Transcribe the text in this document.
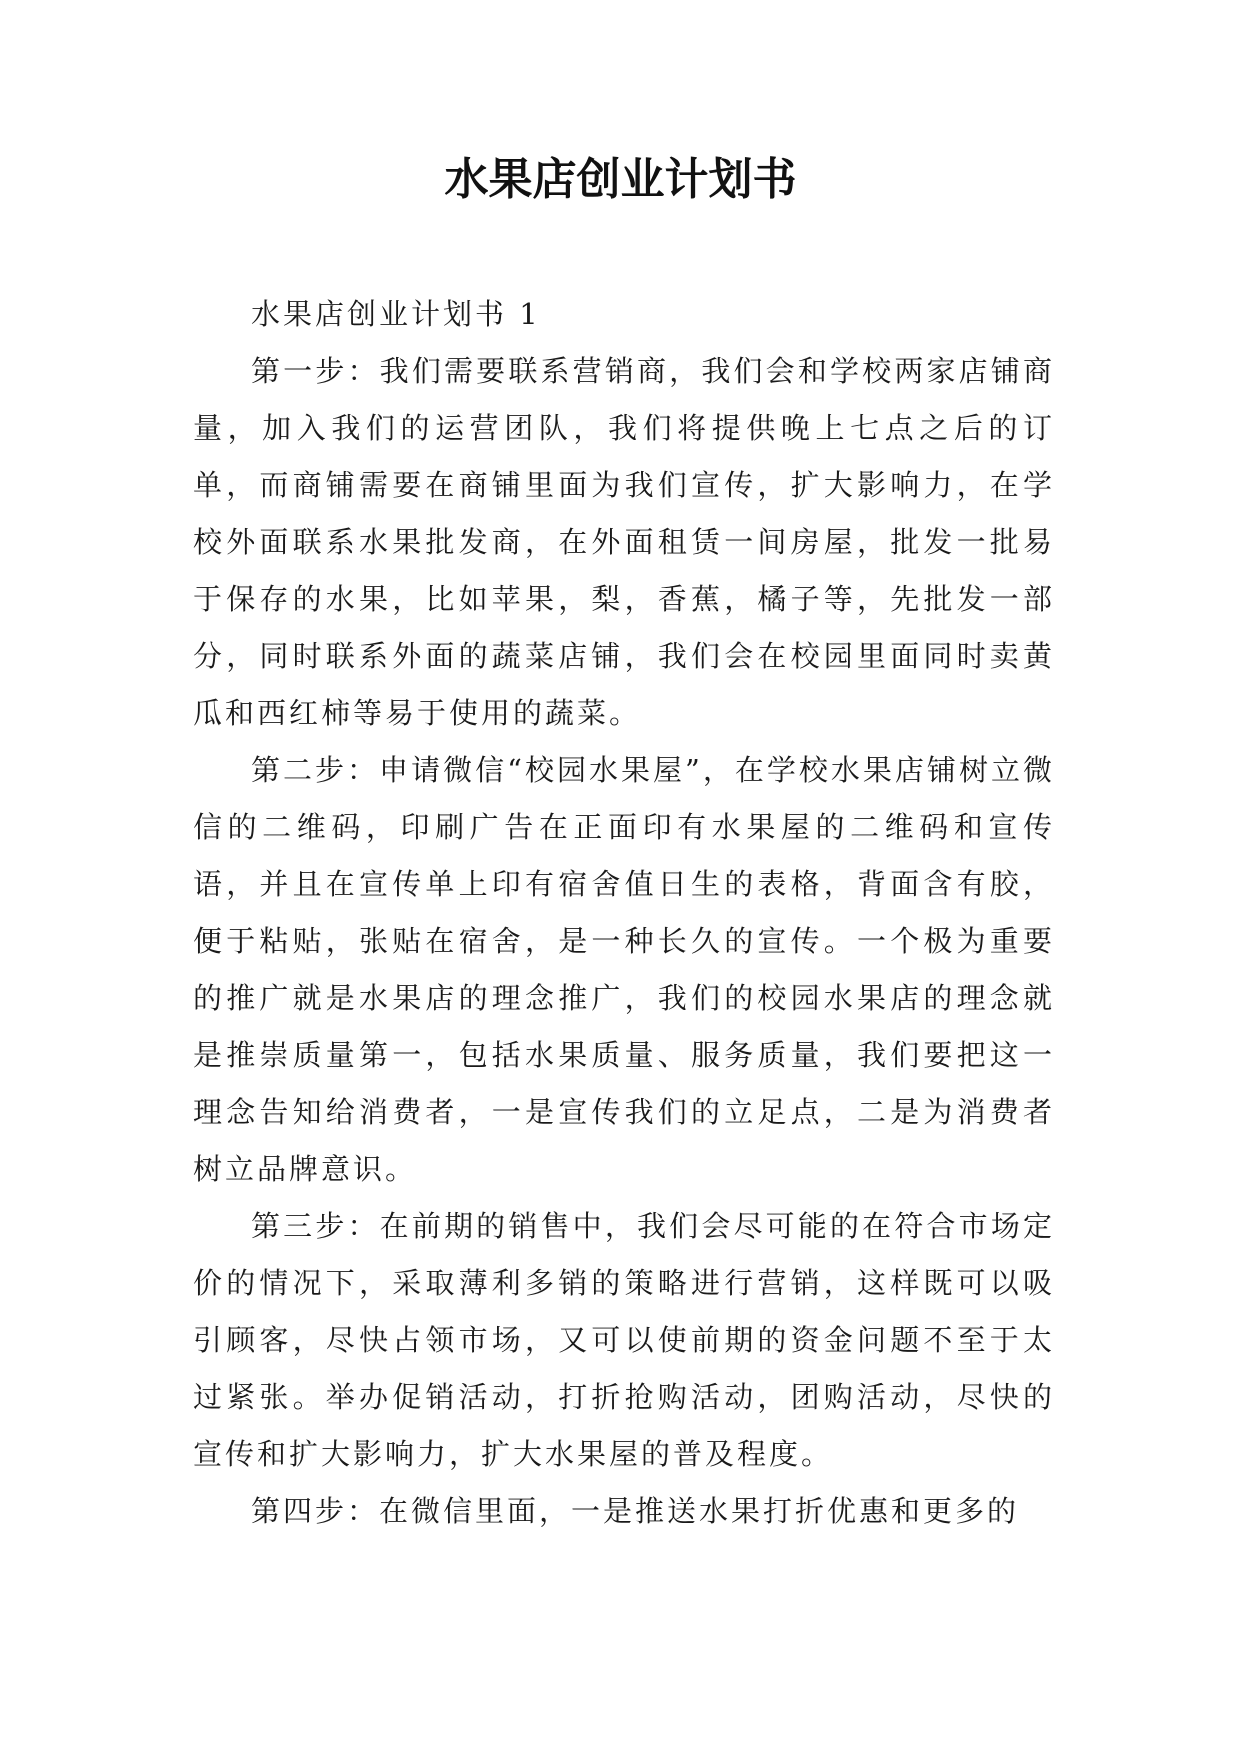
水果店创业计划书

水果店创业计划书 1

第一步：我们需要联系营销商，我们会和学校两家店铺商量，加入我们的运营团队，我们将提供晚上七点之后的订单，而商铺需要在商铺里面为我们宣传，扩大影响力，在学校外面联系水果批发商，在外面租赁一间房屋，批发一批易于保存的水果，比如苹果，梨，香蕉，橘子等，先批发一部分，同时联系外面的蔬菜店铺，我们会在校园里面同时卖黄瓜和西红柿等易于使用的蔬菜。

第二步：申请微信“校园水果屋”，在学校水果店铺树立微信的二维码，印刷广告在正面印有水果屋的二维码和宣传语，并且在宣传单上印有宿舍值日生的表格，背面含有胶，便于粘贴，张贴在宿舍，是一种长久的宣传。一个极为重要的推广就是水果店的理念推广，我们的校园水果店的理念就是推崇质量第一，包括水果质量、服务质量，我们要把这一理念告知给消费者，一是宣传我们的立足点，二是为消费者树立品牌意识。

第三步：在前期的销售中，我们会尽可能的在符合市场定价的情况下，采取薄利多销的策略进行营销，这样既可以吸引顾客，尽快占领市场，又可以使前期的资金问题不至于太过紧张。举办促销活动，打折抢购活动，团购活动，尽快的宣传和扩大影响力，扩大水果屋的普及程度。

第四步：在微信里面，一是推送水果打折优惠和更多的
